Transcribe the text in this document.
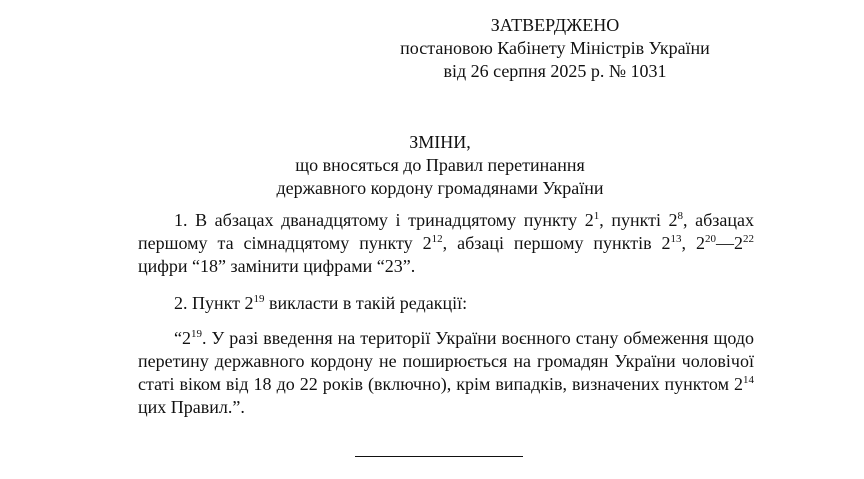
ЗАТВЕРДЖЕНО
постановою Кабінету Міністрів України
від 26 серпня 2025 р. № 1031
ЗМІНИ,
що вносяться до Правил перетинання
державного кордону громадянами України

1. В абзацах дванадцятому і тринадцятому пункту $2^1$, пункті $2^8$, абзацах першому та сімнадцятому пункту $2^{12}$, абзаці першому пунктів $2^{13}$, $2^{20}—2^{22}$ цифри “18” замінити цифрами “23”.

2. Пункт $2^{19}$ викласти в такій редакції:

“$2^{19}$. У разі введення на території України воєнного стану обмеження щодо перетину державного кордону не поширюється на громадян України чоловічої статі віком від 18 до 22 років (включно), крім випадків, визначених пунктом $2^{14}$ цих Правил.”.
